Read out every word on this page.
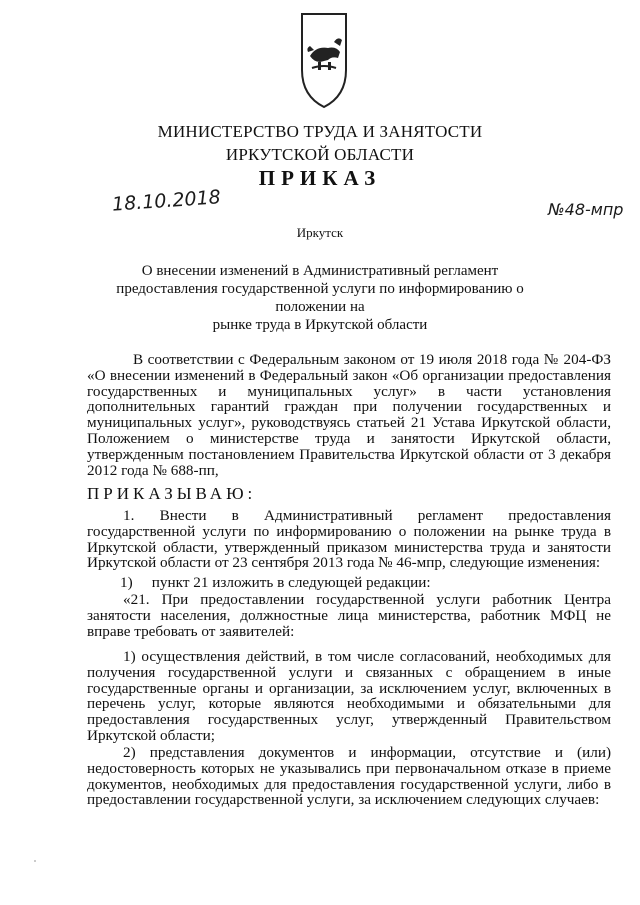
МИНИСТЕРСТВО ТРУДА И ЗАНЯТОСТИ
ИРКУТСКОЙ ОБЛАСТИ
ПРИКАЗ
18.10.2018	№48-мпр
Иркутск
О внесении изменений в Административный регламент
предоставления государственной услуги по информированию о положении на
рынке труда в Иркутской области

В соответствии с Федеральным законом от 19 июля 2018 года № 204-ФЗ «О внесении изменений в Федеральный закон «Об организации предоставления государственных и муниципальных услуг» в части установления дополнительных гарантий граждан при получении государственных и муниципальных услуг», руководствуясь статьей 21 Устава Иркутской области, Положением о министерстве труда и занятости Иркутской области, утвержденным постановлением Правительства Иркутской области от 3 декабря 2012 года № 688-пп,

ПРИКАЗЫВАЮ:

1. Внести в Административный регламент предоставления государственной услуги по информированию о положении на рынке труда в Иркутской области, утвержденный приказом министерства труда и занятости Иркутской области от 23 сентября 2013 года № 46-мпр, следующие изменения:

1) пункт 21 изложить в следующей редакции:

«21. При предоставлении государственной услуги работник Центра занятости населения, должностные лица министерства, работник МФЦ не вправе требовать от заявителей:

1) осуществления действий, в том числе согласований, необходимых для получения государственной услуги и связанных с обращением в иные государственные органы и организации, за исключением услуг, включенных в перечень услуг, которые являются необходимыми и обязательными для предоставления государственных услуг, утвержденный Правительством Иркутской области;

2) представления документов и информации, отсутствие и (или) недостоверность которых не указывались при первоначальном отказе в приеме документов, необходимых для предоставления государственной услуги, либо в предоставлении государственной услуги, за исключением следующих случаев:
